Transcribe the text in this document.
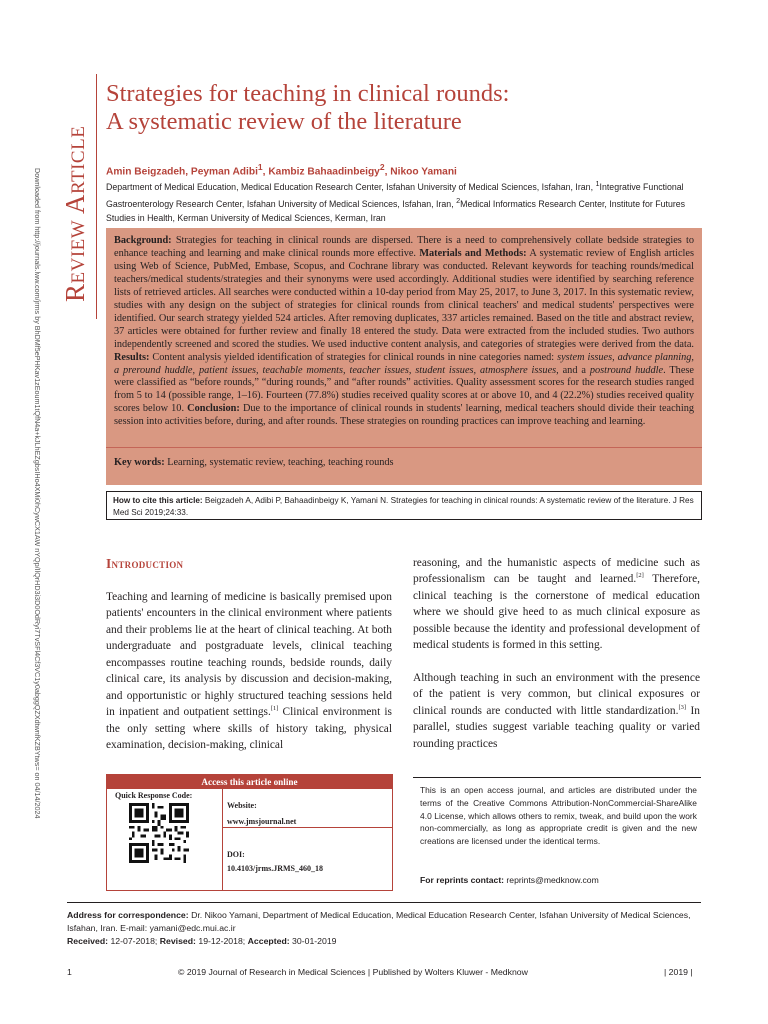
Downloaded from http://journals.lww.com/jrms by BhDMf5ePHKav1zEoum1tQfN4a+kJLhEZgbsIHo4XMi0hCywCX1AW nYQp/IlQrHD3i3D0OdRyi7TvSFl4Cf3VC1y0abggQZXdtwnfKZBYtws= on 04/14/2024 Review Article
Strategies for teaching in clinical rounds:
A systematic review of the literature
Amin Beigzadeh, Peyman Adibi$^1$, Kambiz Bahaadinbeigy$^2$, Nikoo Yamani
Department of Medical Education, Medical Education Research Center, Isfahan University of Medical Sciences, Isfahan, Iran, $^1$Integrative Functional Gastroenterology Research Center, Isfahan University of Medical Sciences, Isfahan, Iran, $^2$Medical Informatics Research Center, Institute for Futures Studies in Health, Kerman University of Medical Sciences, Kerman, Iran
Background: Strategies for teaching in clinical rounds are dispersed. There is a need to comprehensively collate bedside strategies to enhance teaching and learning and make clinical rounds more effective. Materials and Methods: A systematic review of English articles using Web of Science, PubMed, Embase, Scopus, and Cochrane library was conducted. Relevant keywords for teaching rounds/medical teachers/medical students/strategies and their synonyms were used accordingly. Additional studies were identified by searching reference lists of retrieved articles. All searches were conducted within a 10-day period from May 25, 2017, to June 3, 2017. In this systematic review, studies with any design on the subject of strategies for clinical rounds from clinical teachers' and medical students' perspectives were identified. Our search strategy yielded 524 articles. After removing duplicates, 337 articles remained. Based on the title and abstract review, 37 articles were obtained for further review and finally 18 entered the study. Data were extracted from the included studies. Two authors independently screened and scored the studies. We used inductive content analysis, and categories of strategies were derived from the data. Results: Content analysis yielded identification of strategies for clinical rounds in nine categories named: system issues, advance planning, a preround huddle, patient issues, teachable moments, teacher issues, student issues, atmosphere issues, and a postround huddle. These were classified as “before rounds,” “during rounds,” and “after rounds” activities. Quality assessment scores for the research studies ranged from 5 to 14 (possible range, 1–16). Fourteen (77.8%) studies received quality scores at or above 10, and 4 (22.2%) studies received quality scores below 10. Conclusion: Due to the importance of clinical rounds in students' learning, medical teachers should divide their teaching session into activities before, during, and after rounds. These strategies on rounding practices can improve teaching and learning.
Key words: Learning, systematic review, teaching, teaching rounds
How to cite this article: Beigzadeh A, Adibi P, Bahaadinbeigy K, Yamani N. Strategies for teaching in clinical rounds: A systematic review of the literature. J Res Med Sci 2019;24:33.
Introduction

Teaching and learning of medicine is basically premised upon patients' encounters in the clinical environment where patients and their problems lie at the heart of clinical teaching. At both undergraduate and postgraduate levels, clinical teaching encompasses routine teaching rounds, bedside rounds, daily clinical care, its analysis by discussion and decision-making, and opportunistic or highly structured teaching sessions held in inpatient and outpatient settings.[1] Clinical environment is the only setting where skills of history taking, physical examination, decision-making, clinical

reasoning, and the humanistic aspects of medicine such as professionalism can be taught and learned.[2] Therefore, clinical teaching is the cornerstone of medical education where we should give heed to as much clinical exposure as possible because the identity and professional development of medical students is formed in this setting.

Although teaching in such an environment with the presence of the patient is very common, but clinical exposures or clinical rounds are conducted with little standardization.[3] In parallel, studies suggest variable teaching quality or varied rounding practices

Access this article online
Quick Response Code:
Website:
www.jmsjournal.net
DOI:
10.4103/jrms.JRMS_460_18
This is an open access journal, and articles are distributed under the terms of the Creative Commons Attribution-NonCommercial-ShareAlike 4.0 License, which allows others to remix, tweak, and build upon the work non-commercially, as long as appropriate credit is given and the new creations are licensed under the identical terms.
For reprints contact: reprints@medknow.com
Address for correspondence: Dr. Nikoo Yamani, Department of Medical Education, Medical Education Research Center, Isfahan University of Medical Sciences, Isfahan, Iran. E-mail: yamani@edc.mui.ac.ir
Received: 12-07-2018; Revised: 19-12-2018; Accepted: 30-01-2019
1	© 2019 Journal of Research in Medical Sciences | Published by Wolters Kluwer - Medknow	| 2019 |
